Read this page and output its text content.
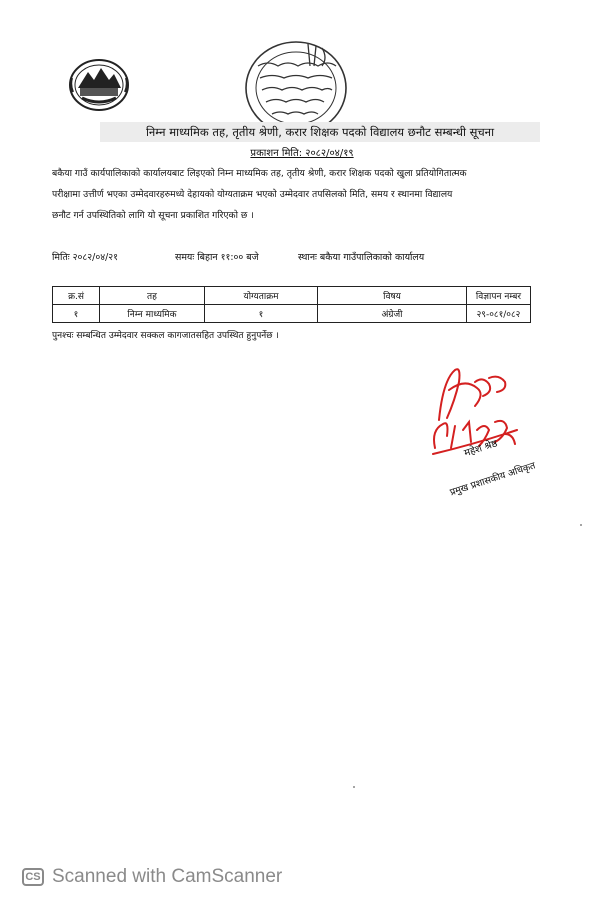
निम्न माध्यमिक तह, तृतीय श्रेणी, करार शिक्षक पदको विद्यालय छनौट सम्बन्धी सूचना
प्रकाशन मिति: २०८२/०४/१९
बकैया गाउँ कार्यपालिकाको कार्यालयबाट लिइएको निम्न माध्यमिक तह, तृतीय श्रेणी, करार शिक्षक पदको खुला प्रतियोगितात्मक
परीक्षामा उत्तीर्ण भएका उम्मेदवारहरुमध्ये देहायको योग्यताक्रम भएको उम्मेदवार तपसिलको मिति, समय र स्थानमा विद्यालय
छनौट गर्न उपस्थितिको लागि यो सूचना प्रकाशित गरिएको छ ।
मितिः २०८२/०४/२१	समयः बिहान ११:०० बजे	स्थानः बकैया गाउँपालिकाको कार्यालय
क्र.सं	तह	योग्यताक्रम	विषय	विज्ञापन नम्बर
१	निम्न माध्यमिक	१	अंग्रेजी	२९-०८१/०८२
पुनश्चः सम्बन्धित उम्मेदवार सक्कल कागजातसहित उपस्थित हुनुपर्नेछ ।
महेश श्रेष्ठ
प्रमुख प्रशासकीय अधिकृत
CS Scanned with CamScanner
